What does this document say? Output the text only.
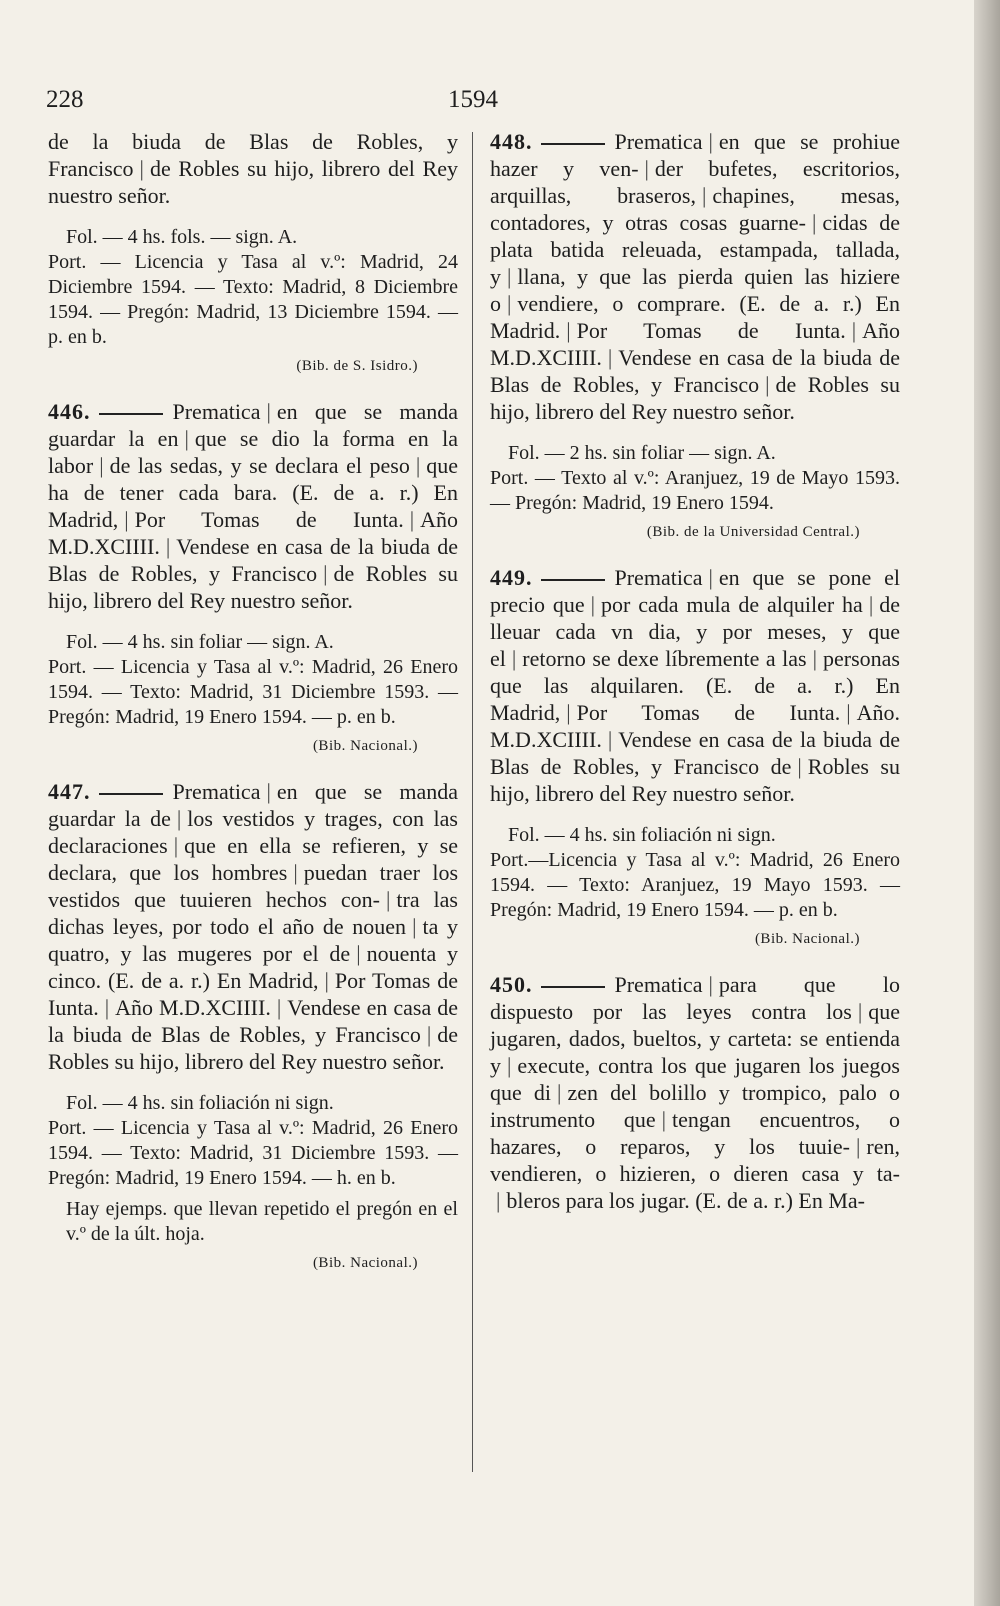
228	1594

de la biuda de Blas de Robles, y Francisco | de Robles su hijo, librero del Rey nuestro señor.

Fol. — 4 hs. fols. — sign. A.
Port. — Licencia y Tasa al v.º: Madrid, 24 Diciembre 1594. — Texto: Madrid, 8 Diciembre 1594. — Pregón: Madrid, 13 Diciembre 1594. — p. en b.
(Bib. de S. Isidro.)

446.	Prematica | en que se manda guardar la en | que se dio la forma en la labor | de las sedas, y se declara el peso | que ha de tener cada bara. (E. de a. r.) En Madrid, | Por Tomas de Iunta. | Año M.D.XCIIII. | Vendese en casa de la biuda de Blas de Robles, y Francisco | de Robles su hijo, librero del Rey nuestro señor.

Fol. — 4 hs. sin foliar — sign. A.
Port. — Licencia y Tasa al v.º: Madrid, 26 Enero 1594. — Texto: Madrid, 31 Diciembre 1593. — Pregón: Madrid, 19 Enero 1594. — p. en b.
(Bib. Nacional.)

447.	Prematica | en que se manda guardar la de | los vestidos y trages, con las declaraciones | que en ella se refieren, y se declara, que los hombres | puedan traer los vestidos que tuuieren hechos con- | tra las dichas leyes, por todo el año de nouen | ta y quatro, y las mugeres por el de | nouenta y cinco. (E. de a. r.) En Madrid, | Por Tomas de Iunta. | Año M.D.XCIIII. | Vendese en casa de la biuda de Blas de Robles, y Francisco | de Robles su hijo, librero del Rey nuestro señor.

Fol. — 4 hs. sin foliación ni sign.
Port. — Licencia y Tasa al v.º: Madrid, 26 Enero 1594. — Texto: Madrid, 31 Diciembre 1593. — Pregón: Madrid, 19 Enero 1594. — h. en b.
Hay ejemps. que llevan repetido el pregón en el v.º de la últ. hoja.
(Bib. Nacional.)

448.	Prematica | en que se prohiue hazer y ven- | der bufetes, escritorios, arquillas, braseros, | chapines, mesas, contadores, y otras cosas guarne- | cidas de plata batida releuada, estampada, tallada, y | llana, y que las pierda quien las hiziere o | vendiere, o comprare. (E. de a. r.) En Madrid. | Por Tomas de Iunta. | Año M.D.XCIIII. | Vendese en casa de la biuda de Blas de Robles, y Francisco | de Robles su hijo, librero del Rey nuestro señor.

Fol. — 2 hs. sin foliar — sign. A.
Port. — Texto al v.º: Aranjuez, 19 de Mayo 1593. — Pregón: Madrid, 19 Enero 1594.
(Bib. de la Universidad Central.)

449.	Prematica | en que se pone el precio que | por cada mula de alquiler ha | de lleuar cada vn dia, y por meses, y que el | retorno se dexe líbremente a las | personas que las alquilaren. (E. de a. r.) En Madrid, | Por Tomas de Iunta. | Año. M.D.XCIIII. | Vendese en casa de la biuda de Blas de Robles, y Francisco de | Robles su hijo, librero del Rey nuestro señor.

Fol. — 4 hs. sin foliación ni sign.
Port.—Licencia y Tasa al v.º: Madrid, 26 Enero 1594. — Texto: Aranjuez, 19 Mayo 1593. — Pregón: Madrid, 19 Enero 1594. — p. en b.
(Bib. Nacional.)

450.	Prematica | para que lo dispuesto por las leyes contra los | que jugaren, dados, bueltos, y carteta: se entienda y | execute, contra los que jugaren los juegos que di | zen del bolillo y trompico, palo o instrumento que | tengan encuentros, o hazares, o reparos, y los tuuie- | ren, vendieren, o hizieren, o dieren casa y ta-| bleros para los jugar. (E. de a. r.) En Ma-
